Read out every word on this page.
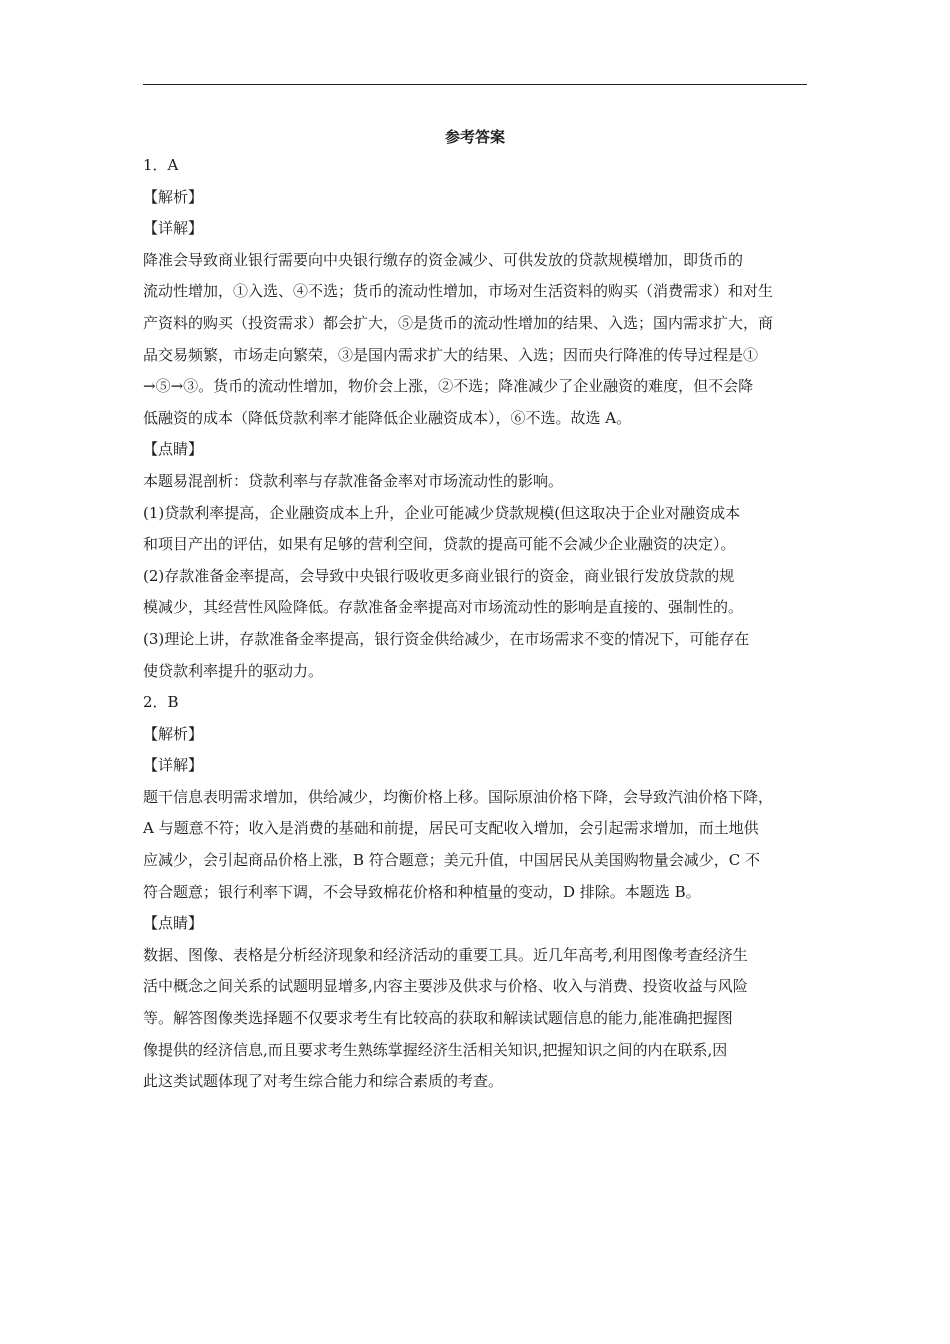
参考答案
1．A
【解析】
【详解】
降准会导致商业银行需要向中央银行缴存的资金减少、可供发放的贷款规模增加，即货币的
流动性增加，①入选、④不选；货币的流动性增加，市场对生活资料的购买（消费需求）和对生
产资料的购买（投资需求）都会扩大，⑤是货币的流动性增加的结果、入选；国内需求扩大，商
品交易频繁，市场走向繁荣，③是国内需求扩大的结果、入选；因而央行降准的传导过程是①
→⑤→③。货币的流动性增加，物价会上涨，②不选；降准减少了企业融资的难度，但不会降
低融资的成本（降低贷款利率才能降低企业融资成本），⑥不选。故选 A。
【点睛】
本题易混剖析：贷款利率与存款准备金率对市场流动性的影响。
(1)贷款利率提高，企业融资成本上升，企业可能减少贷款规模(但这取决于企业对融资成本
和项目产出的评估，如果有足够的营利空间，贷款的提高可能不会减少企业融资的决定）。
(2)存款准备金率提高，会导致中央银行吸收更多商业银行的资金，商业银行发放贷款的规
模减少，其经营性风险降低。存款准备金率提高对市场流动性的影响是直接的、强制性的。
(3)理论上讲，存款准备金率提高，银行资金供给减少，在市场需求不变的情况下，可能存在
使贷款利率提升的驱动力。
2．B
【解析】
【详解】
题干信息表明需求增加，供给减少，均衡价格上移。国际原油价格下降，会导致汽油价格下降，
A 与题意不符；收入是消费的基础和前提，居民可支配收入增加，会引起需求增加，而土地供
应减少，会引起商品价格上涨，B 符合题意；美元升值，中国居民从美国购物量会减少，C 不
符合题意；银行利率下调，不会导致棉花价格和种植量的变动，D 排除。本题选 B。
【点睛】
数据、图像、表格是分析经济现象和经济活动的重要工具。近几年高考,利用图像考查经济生
活中概念之间关系的试题明显增多,内容主要涉及供求与价格、收入与消费、投资收益与风险
等。解答图像类选择题不仅要求考生有比较高的获取和解读试题信息的能力,能准确把握图
像提供的经济信息,而且要求考生熟练掌握经济生活相关知识,把握知识之间的内在联系,因
此这类试题体现了对考生综合能力和综合素质的考查。
